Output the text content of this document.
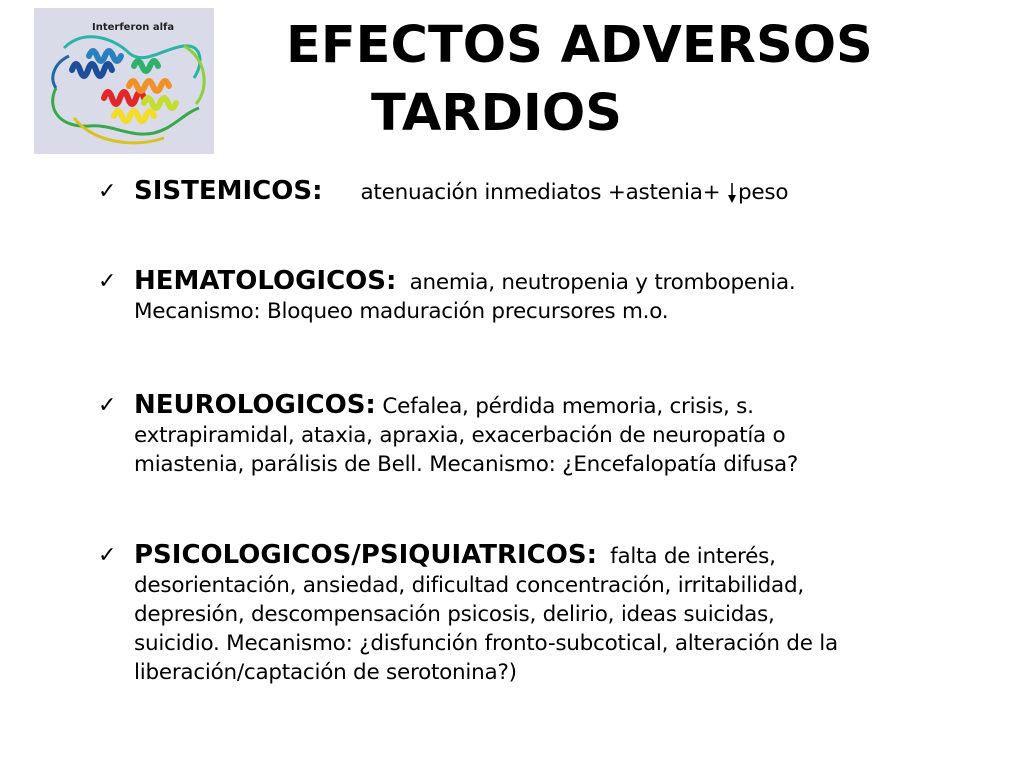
Interferon alfa EFECTOS ADVERSOS
TARDIOS
✓ SISTEMICOS: atenuación inmediatos +astenia+ peso
✓ HEMATOLOGICOS: anemia, neutropenia y trombopenia.
Mecanismo: Bloqueo maduración precursores m.o.
✓ NEUROLOGICOS: Cefalea, pérdida memoria, crisis, s.
extrapiramidal, ataxia, apraxia, exacerbación de neuropatía o
miastenia, parálisis de Bell. Mecanismo: ¿Encefalopatía difusa?
✓ PSICOLOGICOS/PSIQUIATRICOS: falta de interés,
desorientación, ansiedad, dificultad concentración, irritabilidad,
depresión, descompensación psicosis, delirio, ideas suicidas,
suicidio. Mecanismo: ¿disfunción fronto-subcotical, alteración de la
liberación/captación de serotonina?)
